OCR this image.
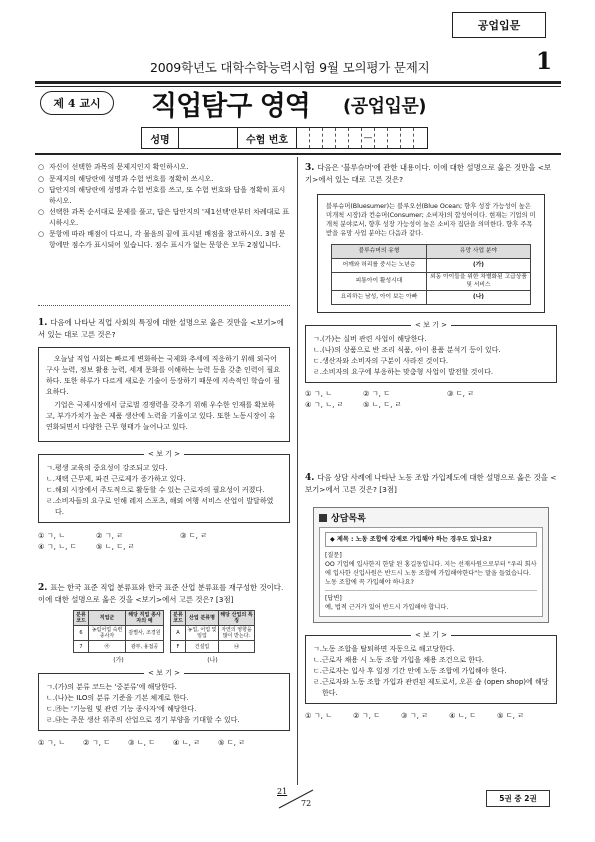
공업입문
2009학년도 대학수학능력시험 9월 모의평가 문제지	1
제 4 교시	직업탐구 영역 (공업입문)
성명	수험 번호	—
○ 자신이 선택한 과목의 문제지인지 확인하시오.
○ 문제지의 해당란에 성명과 수험 번호를 정확히 쓰시오.
○ 답안지의 해당란에 성명과 수험 번호를 쓰고, 또 수험 번호와 답을 정확히 표시하시오.
○ 선택한 과목 순서대로 문제를 풀고, 답은 답안지의 '제1선택'란부터 차례대로 표시하시오.
○ 문항에 따라 배점이 다르니, 각 물음의 끝에 표시된 배점을 참고하시오. 3점 문항에만 점수가 표시되어 있습니다. 점수 표시가 없는 문항은 모두 2점입니다.
1. 다음에 나타난 직업 사회의 특징에 대한 설명으로 옳은 것만을 <보기>에서 있는 대로 고른 것은?

오늘날 직업 사회는 빠르게 변화하는 국제화 추세에 직응하기 위해 외국어 구사 능력, 정보 활용 능력, 세계 문화를 이해하는 능력 등을 갖춘 인력이 필요하다. 또한 하루가 다르게 새로운 기술이 등장하기 때문에 지속적인 학습이 필요하다.

기업은 국제시장에서 글로벌 경쟁력을 갖추기 위해 우수한 인재를 확보하고, 부가가치가 높은 제품 생산에 노력을 기울이고 있다. 또한 노동시장이 유연화되면서 다양한 근무 형태가 늘어나고 있다.

< 보 기 >
ㄱ. 평생 교육의 중요성이 강조되고 있다.
ㄴ. 재택 근무제, 파견 근로제가 증가하고 있다.
ㄷ. 해외 시장에서 주도적으로 활동할 수 있는 근로자의 필요성이 커졌다.
ㄹ. 소비자들의 요구로 인해 레저 스포츠, 해외 여행 서비스 산업이 발달하였다.
① ㄱ, ㄴ	② ㄱ, ㄹ	③ ㄷ, ㄹ
④ ㄱ, ㄴ, ㄷ	⑤ ㄴ, ㄷ, ㄹ
2. 표는 한국 표준 직업 분류표와 한국 표준 산업 분류표를 재구성한 것이다. 이에 대한 설명으로 옳은 것을 <보기>에서 고른 것은? [3점]
분류 코드	직업군	해당 직업 종사자의 예
6	농림어업 숙련 종사자	감별사, 조경원
7	㉮	광부, 용접공
(가)
분류 코드	산업 분류명	해당 산업의 특징
A	농업, 어업 및 임업	자연의 영향을 많이 받는다.
F	건설업	㉯
(나)
< 보 기 >
ㄱ. (가)의 분류 코드는 '중분류'에 해당한다.
ㄴ. (나)는 ILO의 분류 기준을 기본 체계로 한다.
ㄷ. ㉮는 '기능원 및 관련 기능 종사자'에 해당한다.
ㄹ. ㉯는 주문 생산 위주의 산업으로 경기 부양을 기대할 수 있다.
① ㄱ, ㄴ	② ㄱ, ㄷ	③ ㄴ, ㄷ	④ ㄴ, ㄹ	⑤ ㄷ, ㄹ
3. 다음은 '블루슈머'에 관한 내용이다. 이에 대한 설명으로 옳은 것만을 <보기>에서 있는 대로 고른 것은?
블루슈머(Bluesumer)는 블루오션(Blue Ocean; 향후 성장 가능성이 높은 미개척 시장)과 컨슈머(Consumer; 소비자)의 합성어이다. 현재는 기업의 미개척 분야로서, 향후 성장 가능성이 높은 소비자 집단을 의미한다. 향후 주목받을 유망 사업 분야는 다음과 같다.
블루슈머의 유형	유망 사업 분야
어깨와 허리를 중시는 노년층	(가)
피통아이 활성시대	외동 아이들을 위한 차별화된 고급상품 및 서비스
요리하는 남성, 아이 보는 아빠	(나)
< 보 기 >
ㄱ. (가)는 실버 관련 사업이 해당한다.
ㄴ. (나)의 상품으로 반 조리 식품, 아이 용품 분석기 등이 있다.
ㄷ. 생산자와 소비자의 구분이 사라진 것이다.
ㄹ. 소비자의 요구에 부응하는 맞춤형 사업이 발전할 것이다.
① ㄱ, ㄴ	② ㄱ, ㄷ	③ ㄷ, ㄹ
④ ㄱ, ㄴ, ㄹ	⑤ ㄴ, ㄷ, ㄹ
4. 다음 상담 사례에 나타난 노동 조합 가입제도에 대한 설명으로 옳은 것을 <보기>에서 고른 것은? [3점]
상담목록
◆ 제목 : 노동 조합에 강제로 가입해야 하는 경우도 있나요?
[질문]
OO 기업에 입사한지 한달 된 홍길동입니다. 지는 선재사원으로부터 "우리 회사에 입사한 신입사원은 반드시 노동 조합에 가입해야한다"는 말을 들었습니다. 노동 조합에 꼭 가입해야 하나요?
[답변]
예, 법적 근거가 있어 반드시 가입해야 합니다.
< 보 기 >
ㄱ. 노동 조합을 탈퇴하면 자동으로 해고당한다.
ㄴ. 근로자 채용 시 노동 조합 가입을 채용 조건으로 한다.
ㄷ. 근로자는 입사 후 일정 기간 안에 노동 조합에 가입해야 한다.
ㄹ. 근로자와 노동 조합 가입과 관련된 제도로서, 오픈 숍 (open shop)에 해당한다.
① ㄱ, ㄴ	② ㄱ, ㄷ	③ ㄱ, ㄹ	④ ㄴ, ㄷ	⑤ ㄷ, ㄹ
21
72
5권 중 2권
